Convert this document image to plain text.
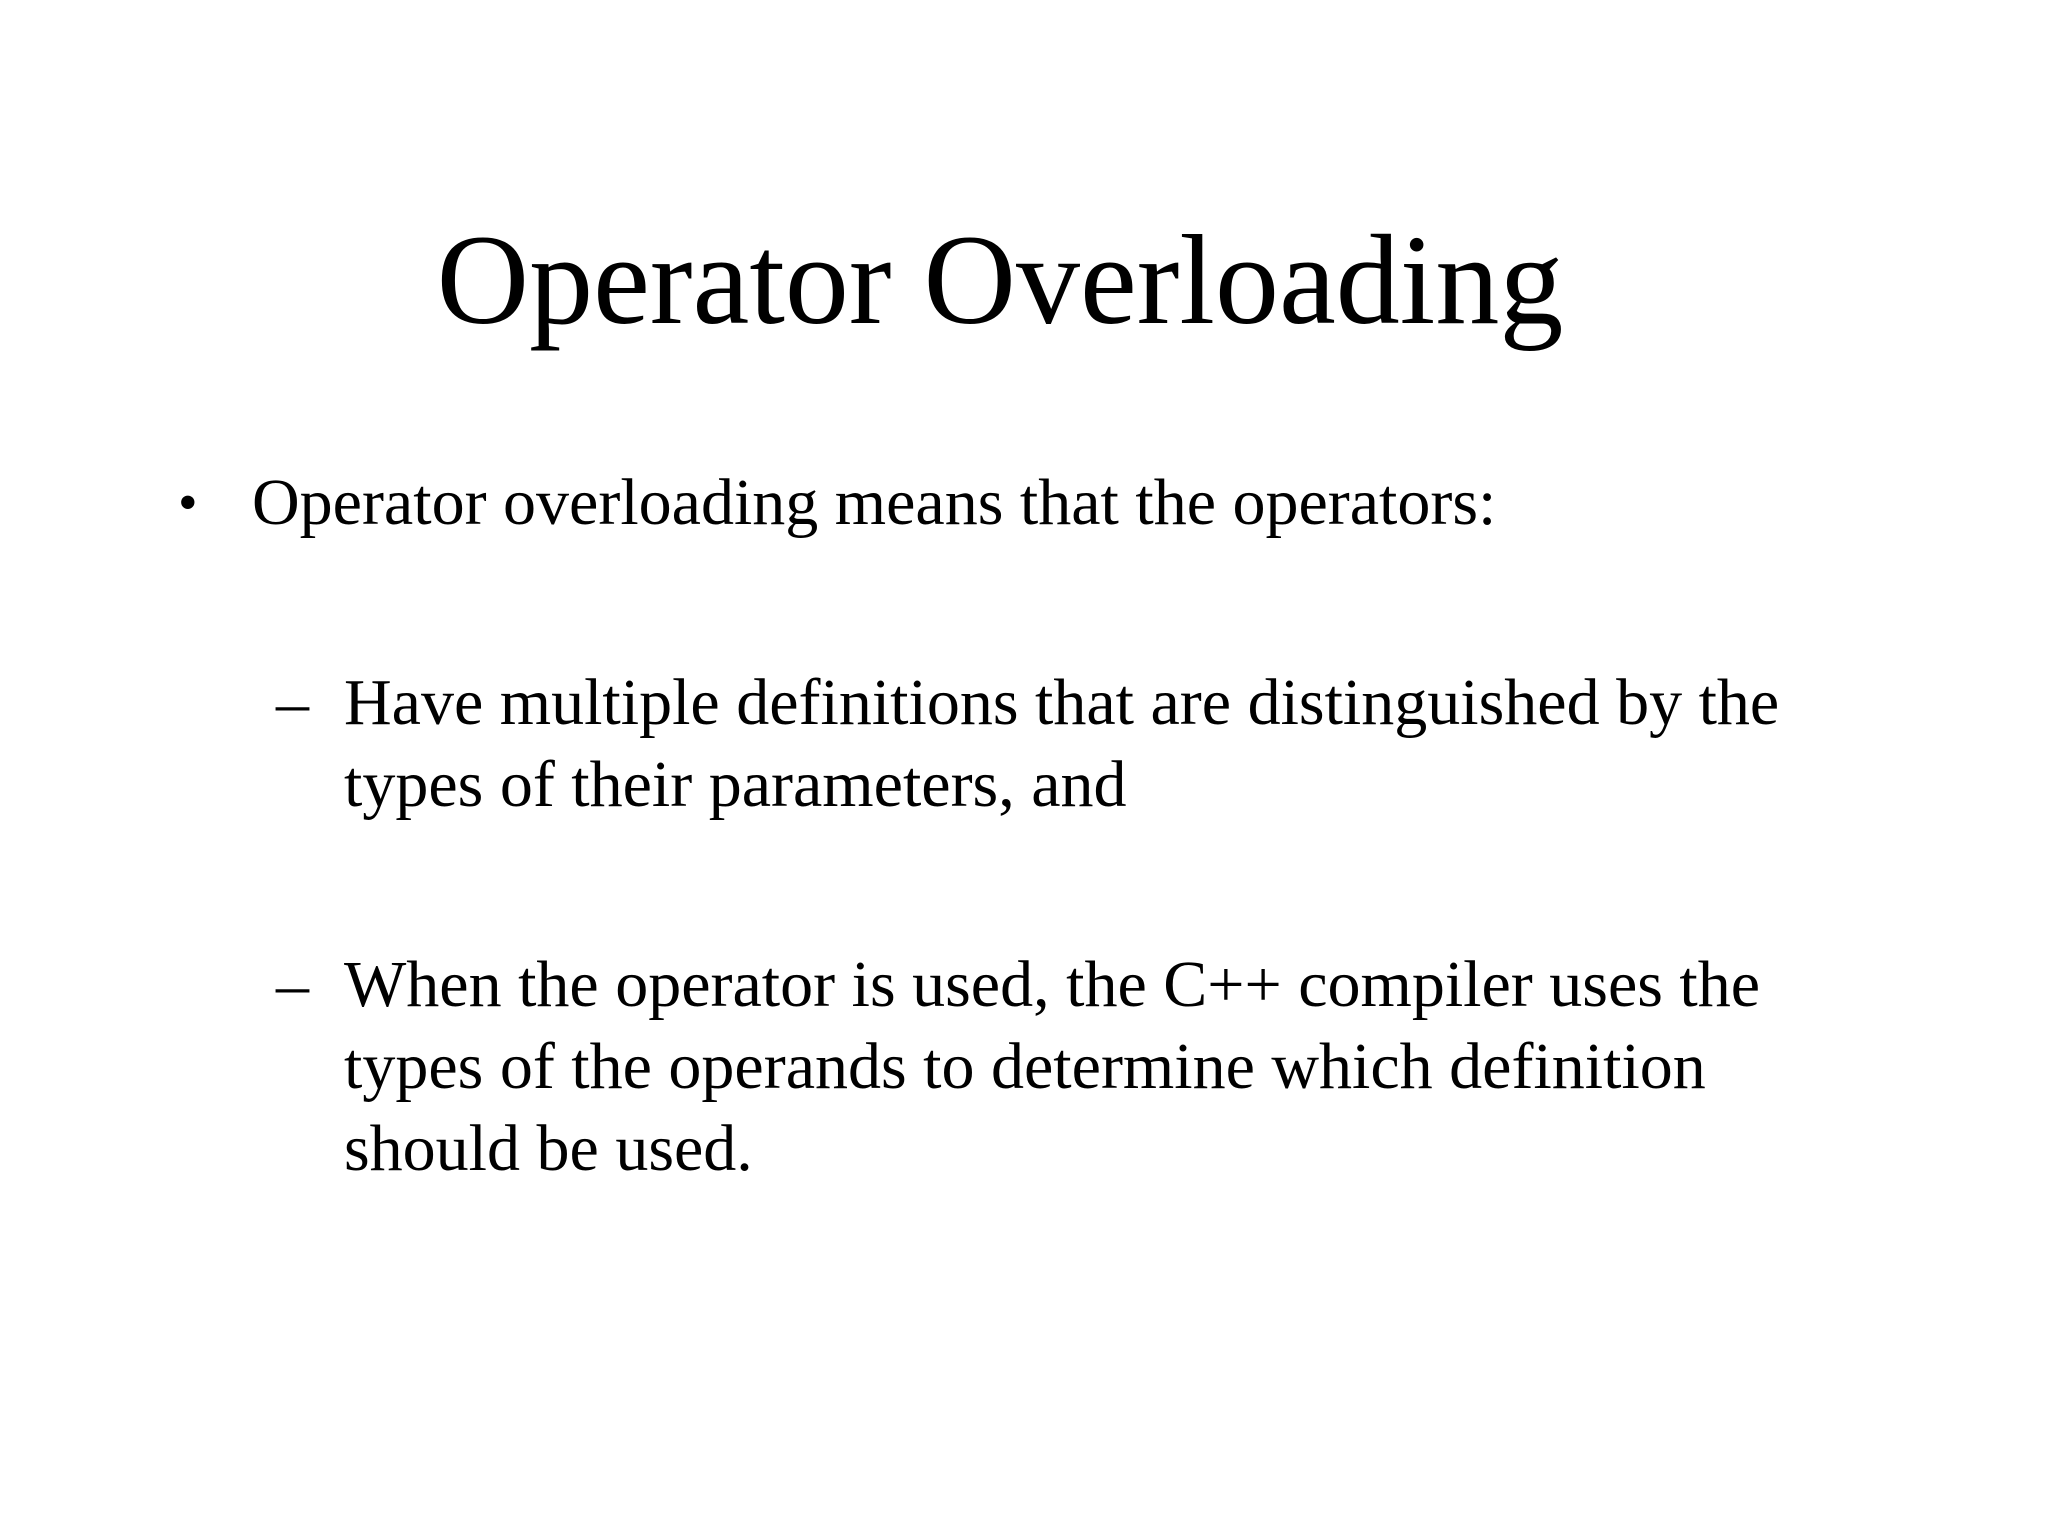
Operator Overloading
• Operator overloading means that the operators:
– Have multiple definitions that are distinguished by the
types of their parameters, and
– When the operator is used, the C++ compiler uses the
types of the operands to determine which definition
should be used.
